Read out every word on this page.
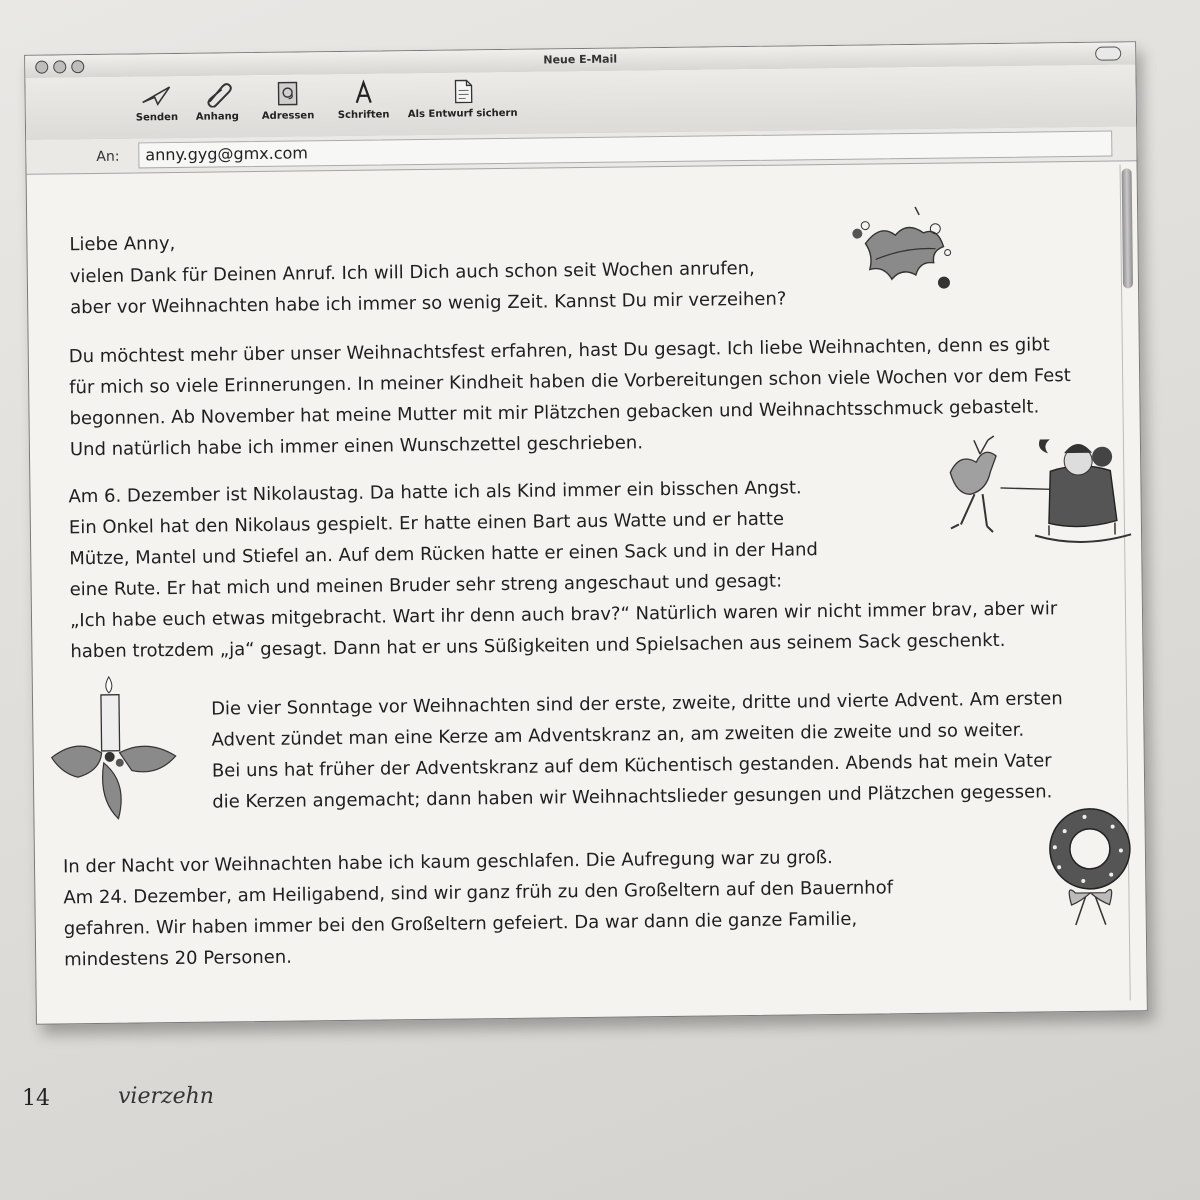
Neue E-Mail
Senden Anhang Adressen Schriften Als Entwurf sichern
An:	anny.gyg@gmx.com
Liebe Anny,
vielen Dank für Deinen Anruf. Ich will Dich auch schon seit Wochen anrufen,
aber vor Weihnachten habe ich immer so wenig Zeit. Kannst Du mir verzeihen?
Du möchtest mehr über unser Weihnachtsfest erfahren, hast Du gesagt. Ich liebe Weihnachten, denn es gibt
für mich so viele Erinnerungen. In meiner Kindheit haben die Vorbereitungen schon viele Wochen vor dem Fest
begonnen. Ab November hat meine Mutter mit mir Plätzchen gebacken und Weihnachtsschmuck gebastelt.
Und natürlich habe ich immer einen Wunschzettel geschrieben.
Am 6. Dezember ist Nikolaustag. Da hatte ich als Kind immer ein bisschen Angst.
Ein Onkel hat den Nikolaus gespielt. Er hatte einen Bart aus Watte und er hatte
Mütze, Mantel und Stiefel an. Auf dem Rücken hatte er einen Sack und in der Hand
eine Rute. Er hat mich und meinen Bruder sehr streng angeschaut und gesagt:
„Ich habe euch etwas mitgebracht. Wart ihr denn auch brav?“ Natürlich waren wir nicht immer brav, aber wir
haben trotzdem „ja“ gesagt. Dann hat er uns Süßigkeiten und Spielsachen aus seinem Sack geschenkt.
Die vier Sonntage vor Weihnachten sind der erste, zweite, dritte und vierte Advent. Am ersten
Advent zündet man eine Kerze am Adventskranz an, am zweiten die zweite und so weiter.
Bei uns hat früher der Adventskranz auf dem Küchentisch gestanden. Abends hat mein Vater
die Kerzen angemacht; dann haben wir Weihnachtslieder gesungen und Plätzchen gegessen.
In der Nacht vor Weihnachten habe ich kaum geschlafen. Die Aufregung war zu groß.
Am 24. Dezember, am Heiligabend, sind wir ganz früh zu den Großeltern auf den Bauernhof
gefahren. Wir haben immer bei den Großeltern gefeiert. Da war dann die ganze Familie,
mindestens 20 Personen.
14	vierzehn
